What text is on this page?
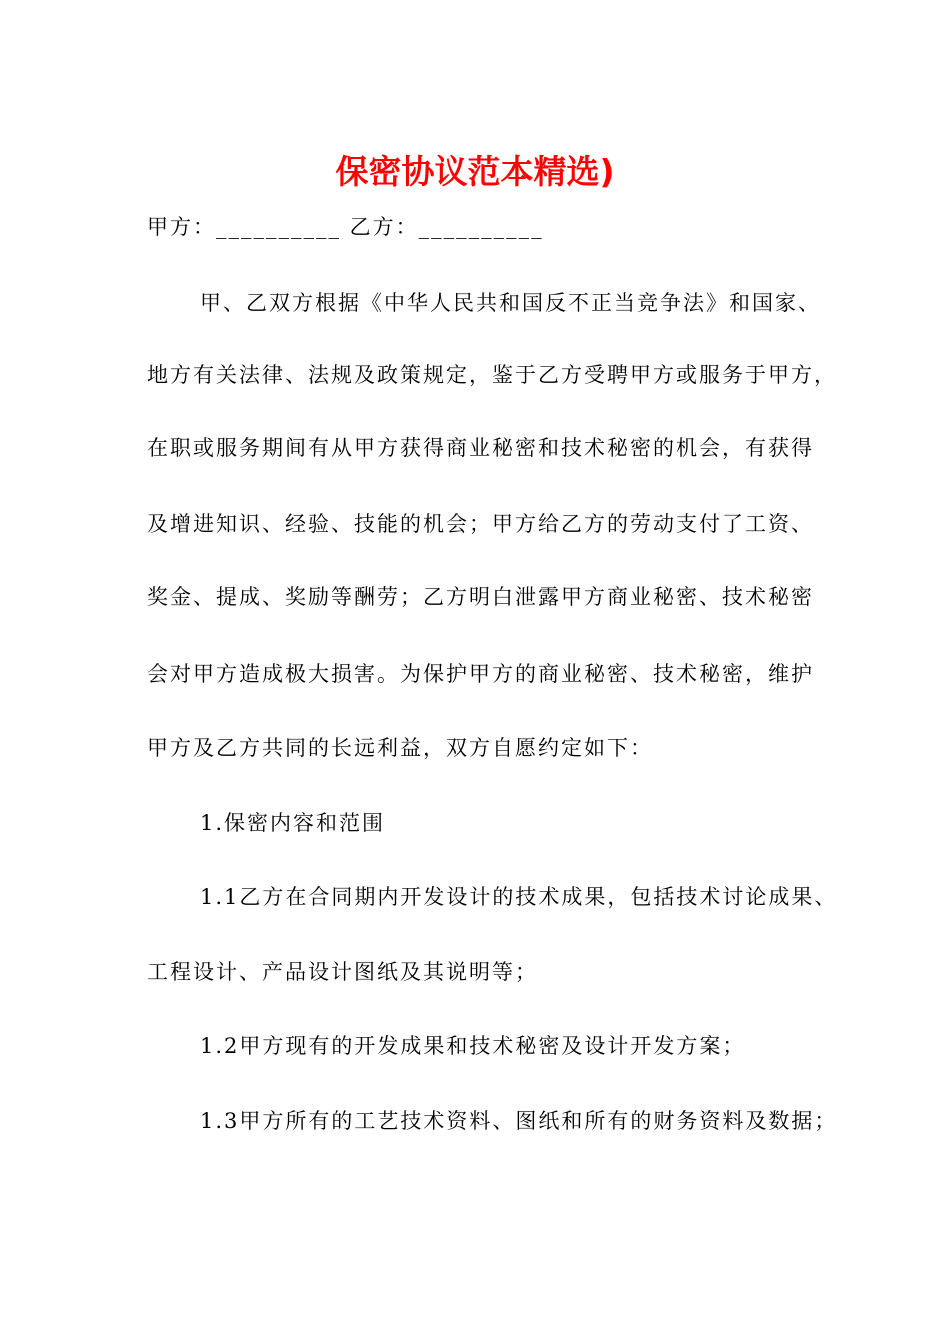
保密协议范本精选)

甲方：__________ 乙方：__________

甲、乙双方根据《中华人民共和国反不正当竞争法》和国家、

地方有关法律、法规及政策规定，鉴于乙方受聘甲方或服务于甲方，

在职或服务期间有从甲方获得商业秘密和技术秘密的机会，有获得

及增进知识、经验、技能的机会；甲方给乙方的劳动支付了工资、

奖金、提成、奖励等酬劳；乙方明白泄露甲方商业秘密、技术秘密

会对甲方造成极大损害。为保护甲方的商业秘密、技术秘密，维护

甲方及乙方共同的长远利益，双方自愿约定如下：

1.保密内容和范围

1.1乙方在合同期内开发设计的技术成果，包括技术讨论成果、

工程设计、产品设计图纸及其说明等；

1.2甲方现有的开发成果和技术秘密及设计开发方案；

1.3甲方所有的工艺技术资料、图纸和所有的财务资料及数据；
